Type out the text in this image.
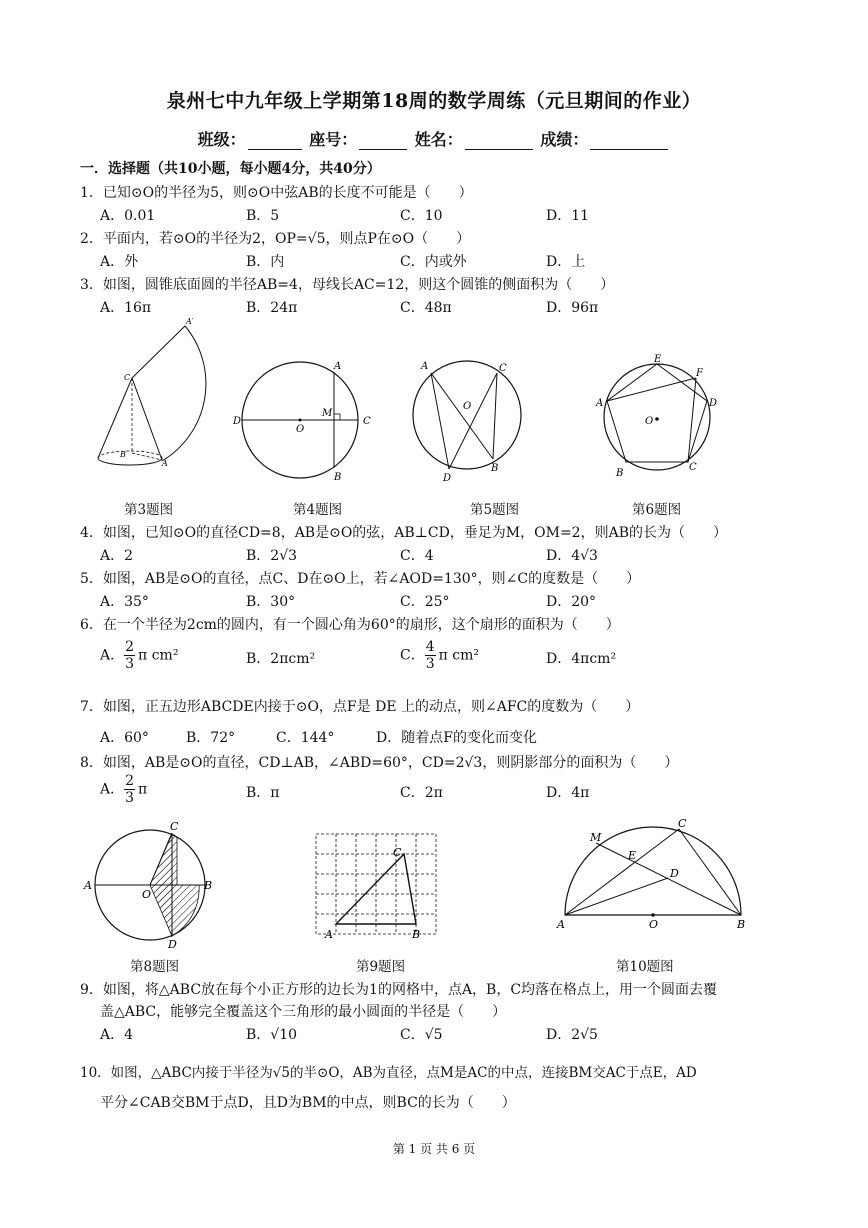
泉州七中九年级上学期第18周的数学周练（元旦期间的作业）
班级：	座号：	姓名：	成绩：
一．选择题（共10小题，每小题4分，共40分）
1．已知⊙O的半径为5，则⊙O中弦AB的长度不可能是（　　）
A．0.01	B．5	C．10	D．11
2．平面内，若⊙O的半径为2，OP=√5，则点P在⊙O（　　）
A．外	B．内	C．内或外	D．上
3．如图，圆锥底面圆的半径AB=4，母线长AC=12，则这个圆锥的侧面积为（　　）
A．16π	B．24π	C．48π	D．96π
C
A′
B
A
D	C
O
M
A
B
A	C
O
D
B
E
F
D
A
O
B
C
第3题图	第4题图	第5题图	第6题图
4．如图，已知⊙O的直径CD=8，AB是⊙O的弦，AB⊥CD，垂足为M，OM=2，则AB的长为（　　）
A．2	B．2√3	C．4	D．4√3
5．如图，AB是⊙O的直径，点C、D在⊙O上，若∠AOD=130°，则∠C的度数是（　　）
A．35°	B．30°	C．25°	D．20°
6．在一个半径为2cm的圆内，有一个圆心角为60°的扇形，这个扇形的面积为（　　）
A． $\frac{2}{3}$ π cm²	B．2πcm²	C． $\frac{4}{3}$ π cm²	D．4πcm²
7．如图，正五边形ABCDE内接于⊙O，点F是 DE 上的动点，则∠AFC的度数为（　　）
A．60°	B．72°	C．144°	D．随着点F的变化而变化
8．如图，AB是⊙O的直径，CD⊥AB，∠ABD=60°，CD=2√3，则阴影部分的面积为（　　）
A． $\frac{2}{3}$ π	B．π	C．2π	D．4π
A	B
C
D
O
A	B
C
M
C
E
D
A	B
O
第8题图	第9题图	第10题图
9．如图，将△ABC放在每个小正方形的边长为1的网格中，点A，B，C均落在格点上，用一个圆面去覆
盖△ABC，能够完全覆盖这个三角形的最小圆面的半径是（　　）
A．4	B．√10	C．√5	D．2√5
10．如图，△ABC内接于半径为√5的半⊙O，AB为直径，点M是AC的中点，连接BM交AC于点E，AD
平分∠CAB交BM于点D，且D为BM的中点，则BC的长为（　　）
第 1 页 共 6 页
